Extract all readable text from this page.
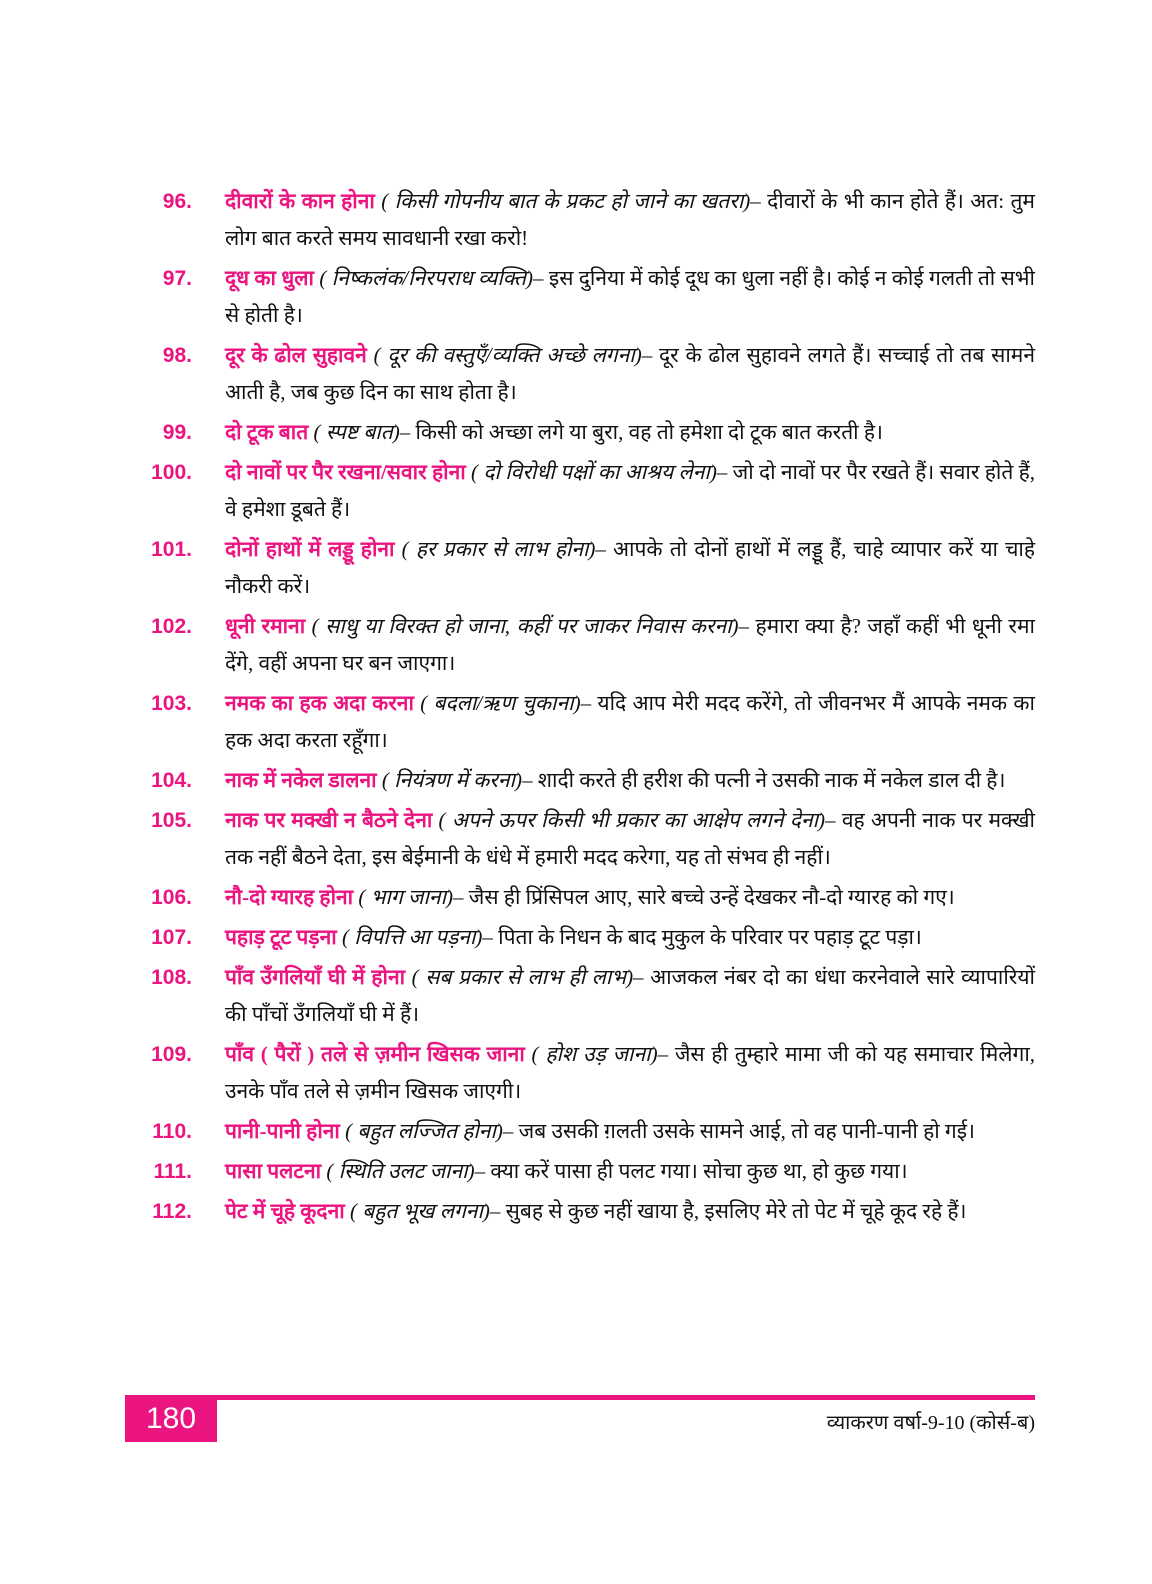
96. दीवारों के कान होना ( किसी गोपनीय बात के प्रकट हो जाने का खतरा)– दीवारों के भी कान होते हैं। अत: तुम लोग बात करते समय सावधानी रखा करो!

97. दूध का धुला ( निष्कलंक/निरपराध व्यक्ति)– इस दुनिया में कोई दूध का धुला नहीं है। कोई न कोई गलती तो सभी से होती है।

98. दूर के ढोल सुहावने ( दूर की वस्तुएँ/व्यक्ति अच्छे लगना)– दूर के ढोल सुहावने लगते हैं। सच्चाई तो तब सामने आती है, जब कुछ दिन का साथ होता है।

99. दो टूक बात ( स्पष्ट बात)– किसी को अच्छा लगे या बुरा, वह तो हमेशा दो टूक बात करती है।

100. दो नावों पर पैर रखना/सवार होना ( दो विरोधी पक्षों का आश्रय लेना)– जो दो नावों पर पैर रखते हैं। सवार होते हैं, वे हमेशा डूबते हैं।

101. दोनों हाथों में लड्डू होना ( हर प्रकार से लाभ होना)– आपके तो दोनों हाथों में लड्डू हैं, चाहे व्यापार करें या चाहे नौकरी करें।

102. धूनी रमाना ( साधु या विरक्त हो जाना, कहीं पर जाकर निवास करना)– हमारा क्या है? जहाँ कहीं भी धूनी रमा देंगे, वहीं अपना घर बन जाएगा।

103. नमक का हक अदा करना ( बदला/ऋण चुकाना)– यदि आप मेरी मदद करेंगे, तो जीवनभर मैं आपके नमक का हक अदा करता रहूँगा।

104. नाक में नकेल डालना ( नियंत्रण में करना)– शादी करते ही हरीश की पत्नी ने उसकी नाक में नकेल डाल दी है।

105. नाक पर मक्खी न बैठने देना ( अपने ऊपर किसी भी प्रकार का आक्षेप लगने देना)– वह अपनी नाक पर मक्खी तक नहीं बैठने देता, इस बेईमानी के धंधे में हमारी मदद करेगा, यह तो संभव ही नहीं।

106. नौ-दो ग्यारह होना ( भाग जाना)– जैस ही प्रिंसिपल आए, सारे बच्चे उन्हें देखकर नौ-दो ग्यारह को गए।

107. पहाड़ टूट पड़ना ( विपत्ति आ पड़ना)– पिता के निधन के बाद मुकुल के परिवार पर पहाड़ टूट पड़ा।

108. पाँव उँगलियाँ घी में होना ( सब प्रकार से लाभ ही लाभ)– आजकल नंबर दो का धंधा करनेवाले सारे व्यापारियों की पाँचों उँगलियाँ घी में हैं।

109. पाँव ( पैरों ) तले से ज़मीन खिसक जाना ( होश उड़ जाना)– जैस ही तुम्हारे मामा जी को यह समाचार मिलेगा, उनके पाँव तले से ज़मीन खिसक जाएगी।

110. पानी-पानी होना ( बहुत लज्जित होना)– जब उसकी ग़लती उसके सामने आई, तो वह पानी-पानी हो गई।

111. पासा पलटना ( स्थिति उलट जाना)– क्या करें पासा ही पलट गया। सोचा कुछ था, हो कुछ गया।

112. पेट में चूहे कूदना ( बहुत भूख लगना)– सुबह से कुछ नहीं खाया है, इसलिए मेरे तो पेट में चूहे कूद रहे हैं।

180	व्याकरण वर्षा-9-10 (कोर्स-ब)
